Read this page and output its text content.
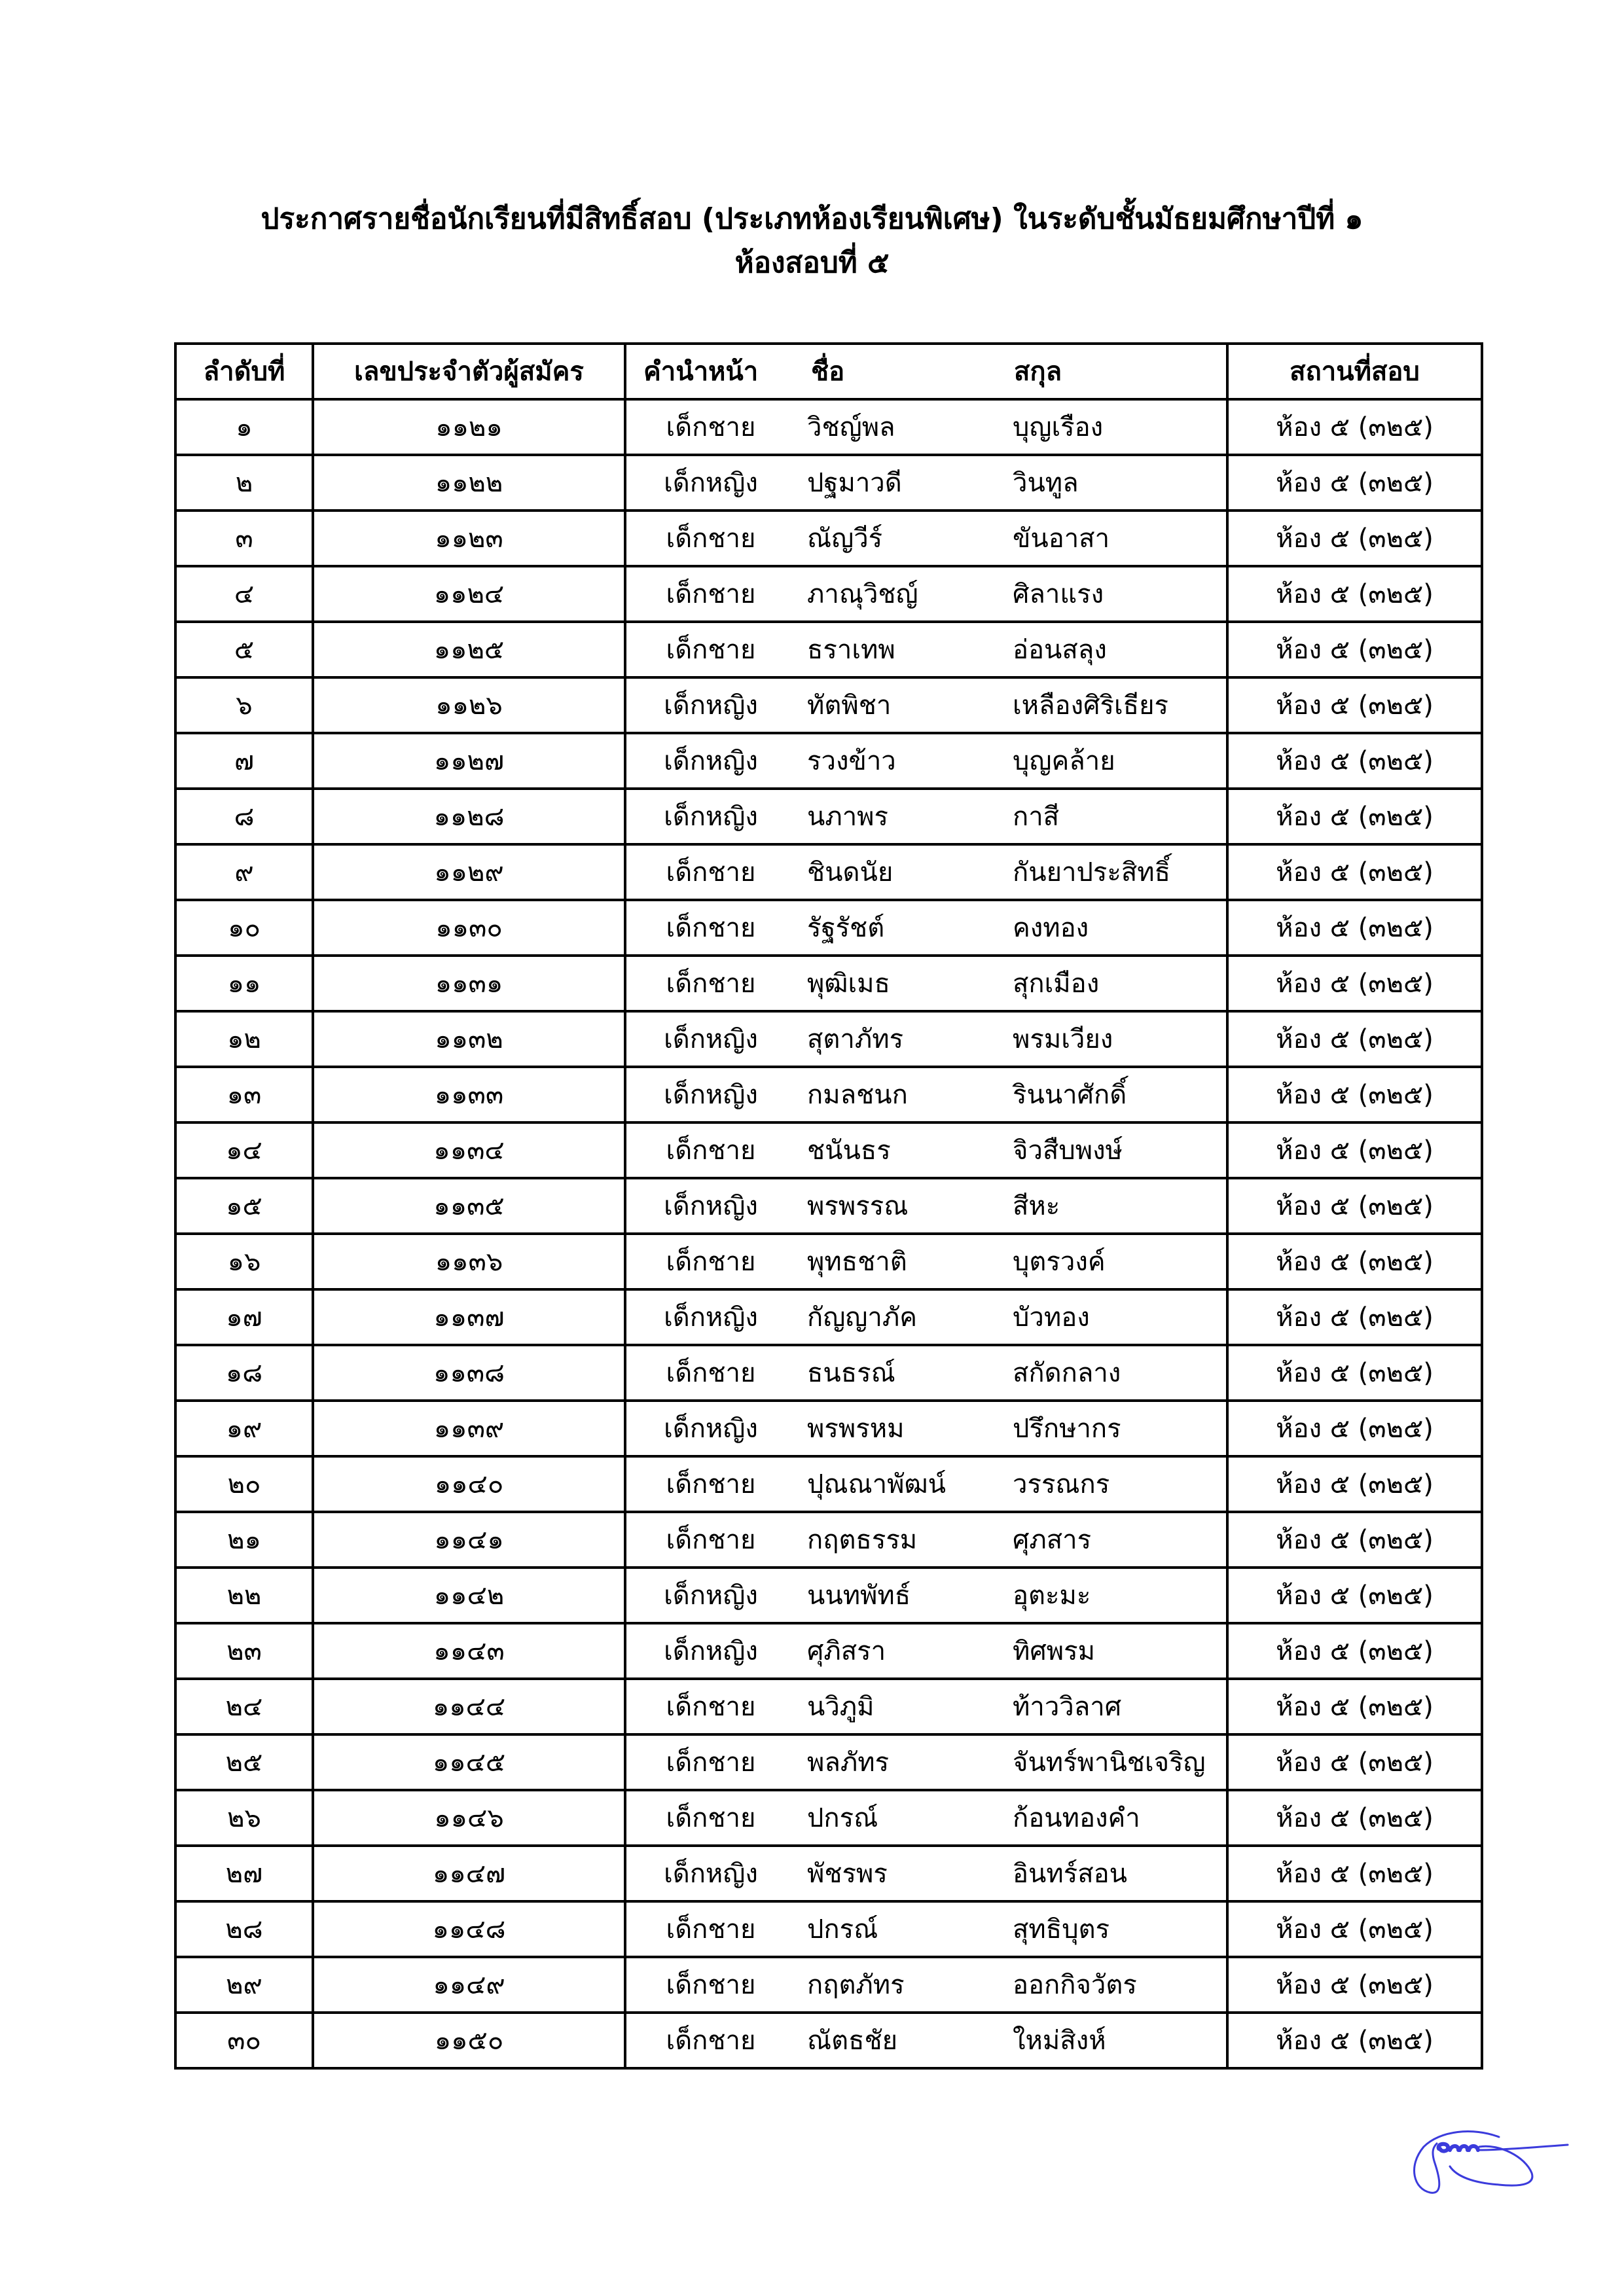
ประกาศรายชื่อนักเรียนที่มีสิทธิ์สอบ (ประเภทห้องเรียนพิเศษ) ในระดับชั้นมัธยมศึกษาปีที่ ๑
ห้องสอบที่ ๕
ลำดับที่	เลขประจำตัวผู้สมัคร	คำนำหน้า ชื่อ สกุล	สถานที่สอบ
๑	๑๑๒๑	เด็กชาย วิชญ์พล บุญเรือง	ห้อง ๕ (๓๒๕)
๒	๑๑๒๒	เด็กหญิง ปฐมาวดี วินทูล	ห้อง ๕ (๓๒๕)
๓	๑๑๒๓	เด็กชาย ณัญวีร์ ขันอาสา	ห้อง ๕ (๓๒๕)
๔	๑๑๒๔	เด็กชาย ภาณุวิชญ์ ศิลาแรง	ห้อง ๕ (๓๒๕)
๕	๑๑๒๕	เด็กชาย ธราเทพ อ่อนสลุง	ห้อง ๕ (๓๒๕)
๖	๑๑๒๖	เด็กหญิง ทัตพิชา เหลืองศิริเธียร	ห้อง ๕ (๓๒๕)
๗	๑๑๒๗	เด็กหญิง รวงข้าว บุญคล้าย	ห้อง ๕ (๓๒๕)
๘	๑๑๒๘	เด็กหญิง นภาพร กาสี	ห้อง ๕ (๓๒๕)
๙	๑๑๒๙	เด็กชาย ชินดนัย กันยาประสิทธิ์	ห้อง ๕ (๓๒๕)
๑๐	๑๑๓๐	เด็กชาย รัฐรัชต์ คงทอง	ห้อง ๕ (๓๒๕)
๑๑	๑๑๓๑	เด็กชาย พุฒิเมธ สุกเมือง	ห้อง ๕ (๓๒๕)
๑๒	๑๑๓๒	เด็กหญิง สุตาภัทร พรมเวียง	ห้อง ๕ (๓๒๕)
๑๓	๑๑๓๓	เด็กหญิง กมลชนก รินนาศักดิ์	ห้อง ๕ (๓๒๕)
๑๔	๑๑๓๔	เด็กชาย ชนันธร จิวสืบพงษ์	ห้อง ๕ (๓๒๕)
๑๕	๑๑๓๕	เด็กหญิง พรพรรณ สีหะ	ห้อง ๕ (๓๒๕)
๑๖	๑๑๓๖	เด็กชาย พุทธชาติ บุตรวงค์	ห้อง ๕ (๓๒๕)
๑๗	๑๑๓๗	เด็กหญิง กัญญาภัค บัวทอง	ห้อง ๕ (๓๒๕)
๑๘	๑๑๓๘	เด็กชาย ธนธรณ์ สกัดกลาง	ห้อง ๕ (๓๒๕)
๑๙	๑๑๓๙	เด็กหญิง พรพรหม ปรึกษากร	ห้อง ๕ (๓๒๕)
๒๐	๑๑๔๐	เด็กชาย ปุณณาพัฒน์ วรรณกร	ห้อง ๕ (๓๒๕)
๒๑	๑๑๔๑	เด็กชาย กฤตธรรม ศุภสาร	ห้อง ๕ (๓๒๕)
๒๒	๑๑๔๒	เด็กหญิง นนทพัทธ์ อุตะมะ	ห้อง ๕ (๓๒๕)
๒๓	๑๑๔๓	เด็กหญิง ศุภิสรา ทิศพรม	ห้อง ๕ (๓๒๕)
๒๔	๑๑๔๔	เด็กชาย นวิภูมิ ท้าววิลาศ	ห้อง ๕ (๓๒๕)
๒๕	๑๑๔๕	เด็กชาย พลภัทร จันทร์พานิชเจริญ	ห้อง ๕ (๓๒๕)
๒๖	๑๑๔๖	เด็กชาย ปกรณ์ ก้อนทองคำ	ห้อง ๕ (๓๒๕)
๒๗	๑๑๔๗	เด็กหญิง พัชรพร อินทร์สอน	ห้อง ๕ (๓๒๕)
๒๘	๑๑๔๘	เด็กชาย ปกรณ์ สุทธิบุตร	ห้อง ๕ (๓๒๕)
๒๙	๑๑๔๙	เด็กชาย กฤตภัทร ออกกิจวัตร	ห้อง ๕ (๓๒๕)
๓๐	๑๑๕๐	เด็กชาย ณัตธชัย ใหม่สิงห์	ห้อง ๕ (๓๒๕)
